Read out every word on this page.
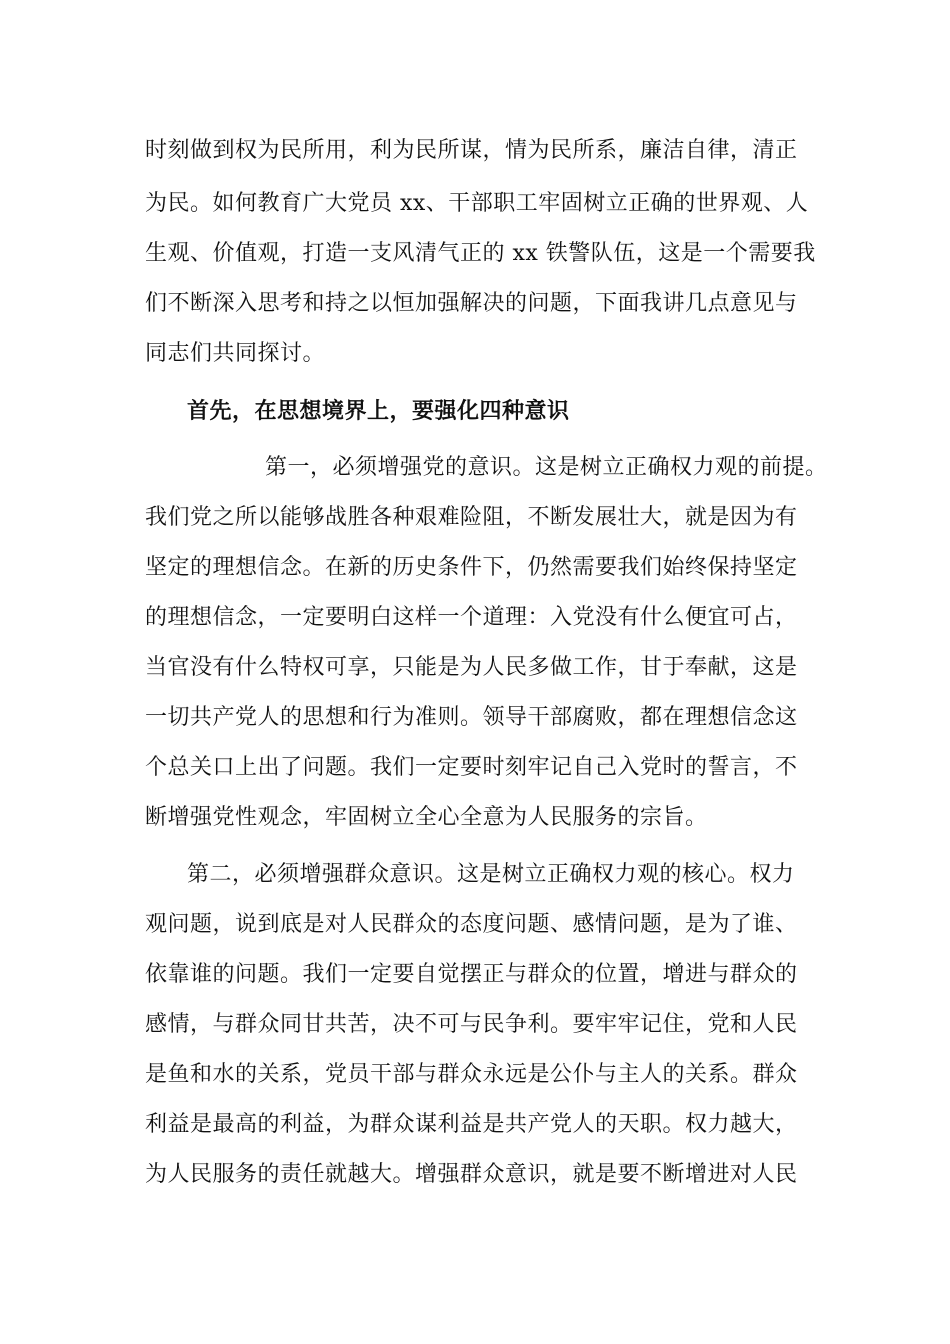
时刻做到权为民所用，利为民所谋，情为民所系，廉洁自律，清正
为民。如何教育广大党员 xx、干部职工牢固树立正确的世界观、人
生观、价值观，打造一支风清气正的 xx 铁警队伍，这是一个需要我
们不断深入思考和持之以恒加强解决的问题，下面我讲几点意见与
同志们共同探讨。
首先，在思想境界上，要强化四种意识
第一，必须增强党的意识。这是树立正确权力观的前提。
我们党之所以能够战胜各种艰难险阻，不断发展壮大，就是因为有
坚定的理想信念。在新的历史条件下，仍然需要我们始终保持坚定
的理想信念，一定要明白这样一个道理：入党没有什么便宜可占，
当官没有什么特权可享，只能是为人民多做工作，甘于奉献，这是
一切共产党人的思想和行为准则。领导干部腐败，都在理想信念这
个总关口上出了问题。我们一定要时刻牢记自己入党时的誓言，不
断增强党性观念，牢固树立全心全意为人民服务的宗旨。
第二，必须增强群众意识。这是树立正确权力观的核心。权力
观问题，说到底是对人民群众的态度问题、感情问题，是为了谁、
依靠谁的问题。我们一定要自觉摆正与群众的位置，增进与群众的
感情，与群众同甘共苦，决不可与民争利。要牢牢记住，党和人民
是鱼和水的关系，党员干部与群众永远是公仆与主人的关系。群众
利益是最高的利益，为群众谋利益是共产党人的天职。权力越大，
为人民服务的责任就越大。增强群众意识，就是要不断增进对人民
